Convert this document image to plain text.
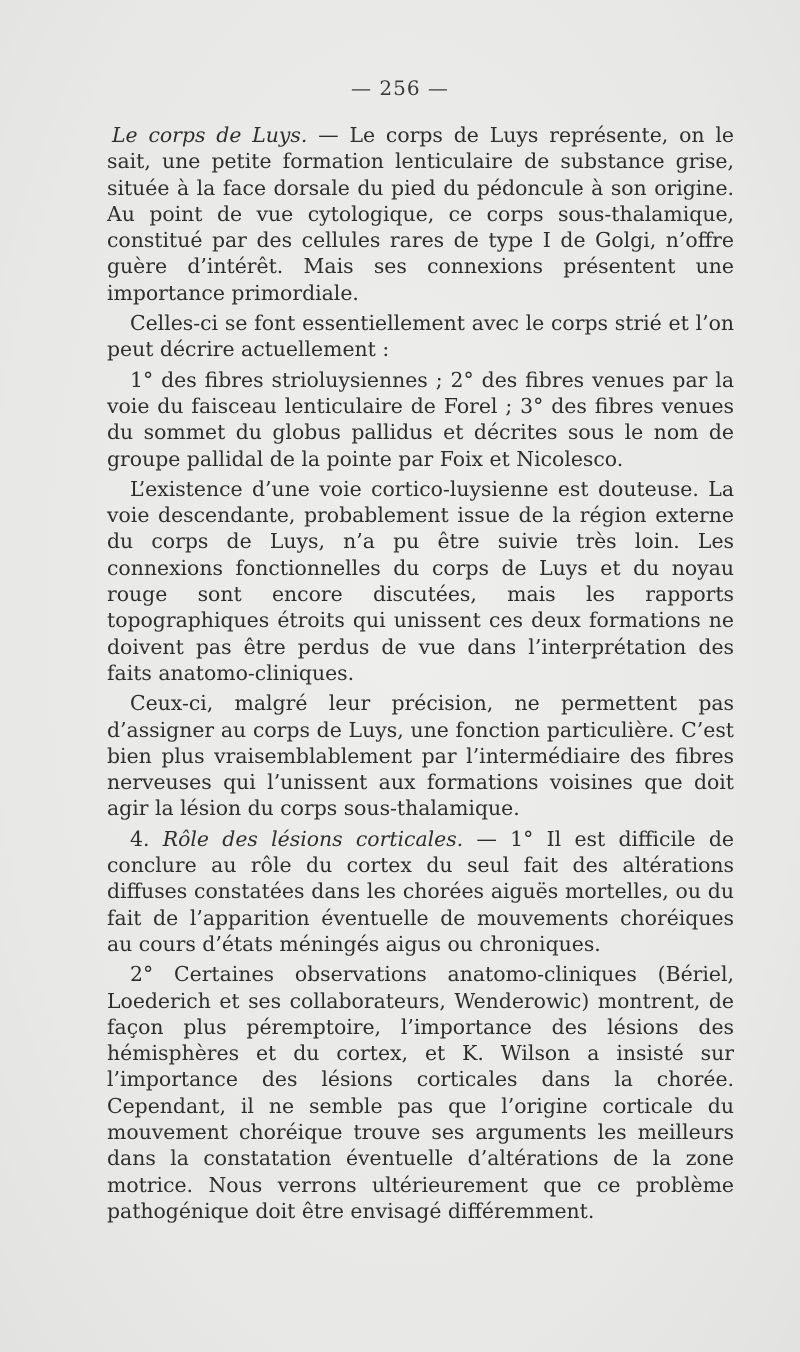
— 256 —

Le corps de Luys. — Le corps de Luys représente, on le sait, une petite formation lenticulaire de substance grise, située à la face dorsale du pied du pédoncule à son origine. Au point de vue cytologique, ce corps sous-thalamique, constitué par des cellules rares de type I de Golgi, n’offre guère d’intérêt. Mais ses connexions présentent une importance primordiale.

Celles-ci se font essentiellement avec le corps strié et l’on peut décrire actuellement :

1° des fibres strioluysiennes ; 2° des fibres venues par la voie du faisceau lenticulaire de Forel ; 3° des fibres venues du sommet du globus pallidus et décrites sous le nom de groupe pallidal de la pointe par Foix et Nicolesco.

L’existence d’une voie cortico-luysienne est douteuse. La voie descendante, probablement issue de la région externe du corps de Luys, n’a pu être suivie très loin. Les connexions fonctionnelles du corps de Luys et du noyau rouge sont encore discutées, mais les rapports topographiques étroits qui unissent ces deux formations ne doivent pas être perdus de vue dans l’interprétation des faits anatomo-cliniques.

Ceux-ci, malgré leur précision, ne permettent pas d’assigner au corps de Luys, une fonction particulière. C’est bien plus vraisemblablement par l’intermédiaire des fibres nerveuses qui l’unissent aux formations voisines que doit agir la lésion du corps sous-thalamique.

4. Rôle des lésions corticales. — 1° Il est difficile de conclure au rôle du cortex du seul fait des altérations diffuses constatées dans les chorées aiguës mortelles, ou du fait de l’apparition éventuelle de mouvements choréiques au cours d’états méningés aigus ou chroniques.

2° Certaines observations anatomo-cliniques (Bériel, Loederich et ses collaborateurs, Wenderowic) montrent, de façon plus péremptoire, l’importance des lésions des hémisphères et du cortex, et K. Wilson a insisté sur l’importance des lésions corticales dans la chorée. Cependant, il ne semble pas que l’origine corticale du mouvement choréique trouve ses arguments les meilleurs dans la constatation éventuelle d’altérations de la zone motrice. Nous verrons ultérieurement que ce problème pathogénique doit être envisagé différemment.
